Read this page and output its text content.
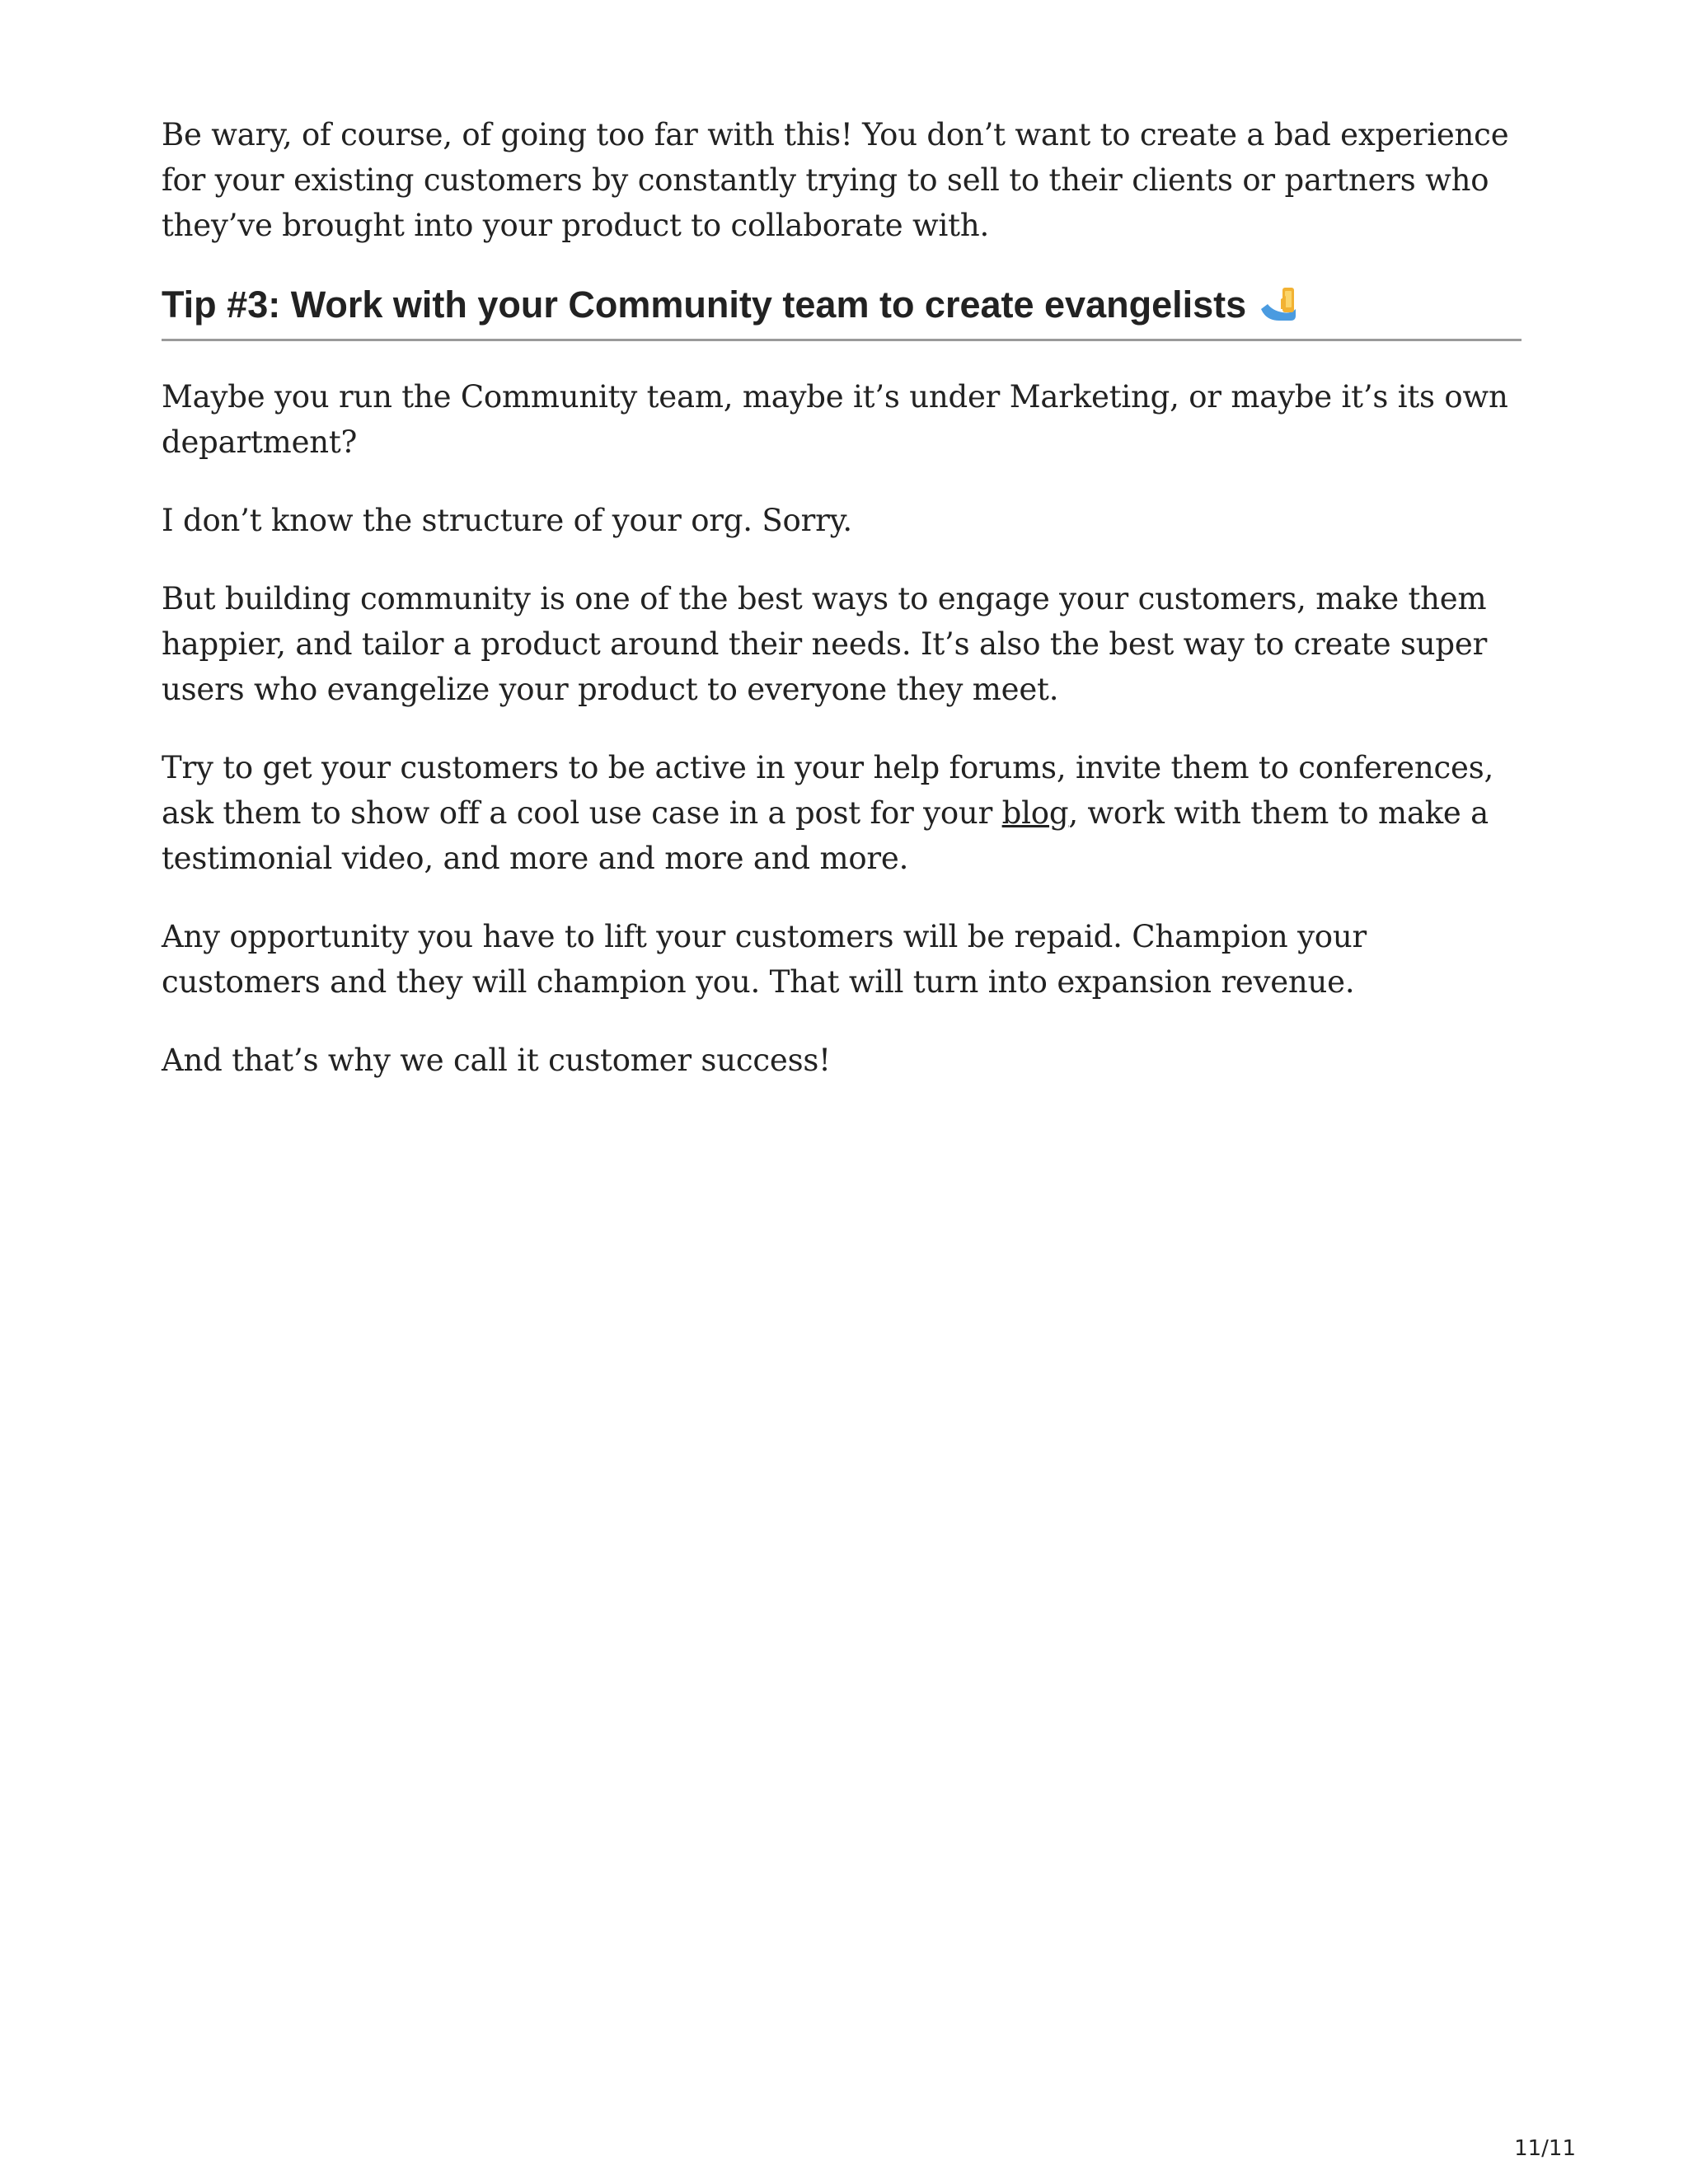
Be wary, of course, of going too far with this! You don’t want to create a bad experience for your existing customers by constantly trying to sell to their clients or partners who they’ve brought into your product to collaborate with.

Tip #3: Work with your Community team to create evangelists

Maybe you run the Community team, maybe it’s under Marketing, or maybe it’s its own department?

I don’t know the structure of your org. Sorry.

But building community is one of the best ways to engage your customers, make them happier, and tailor a product around their needs. It’s also the best way to create super users who evangelize your product to everyone they meet.

Try to get your customers to be active in your help forums, invite them to conferences, ask them to show off a cool use case in a post for your blog, work with them to make a testimonial video, and more and more and more.

Any opportunity you have to lift your customers will be repaid. Champion your customers and they will champion you. That will turn into expansion revenue.

And that’s why we call it customer success!

11/11
